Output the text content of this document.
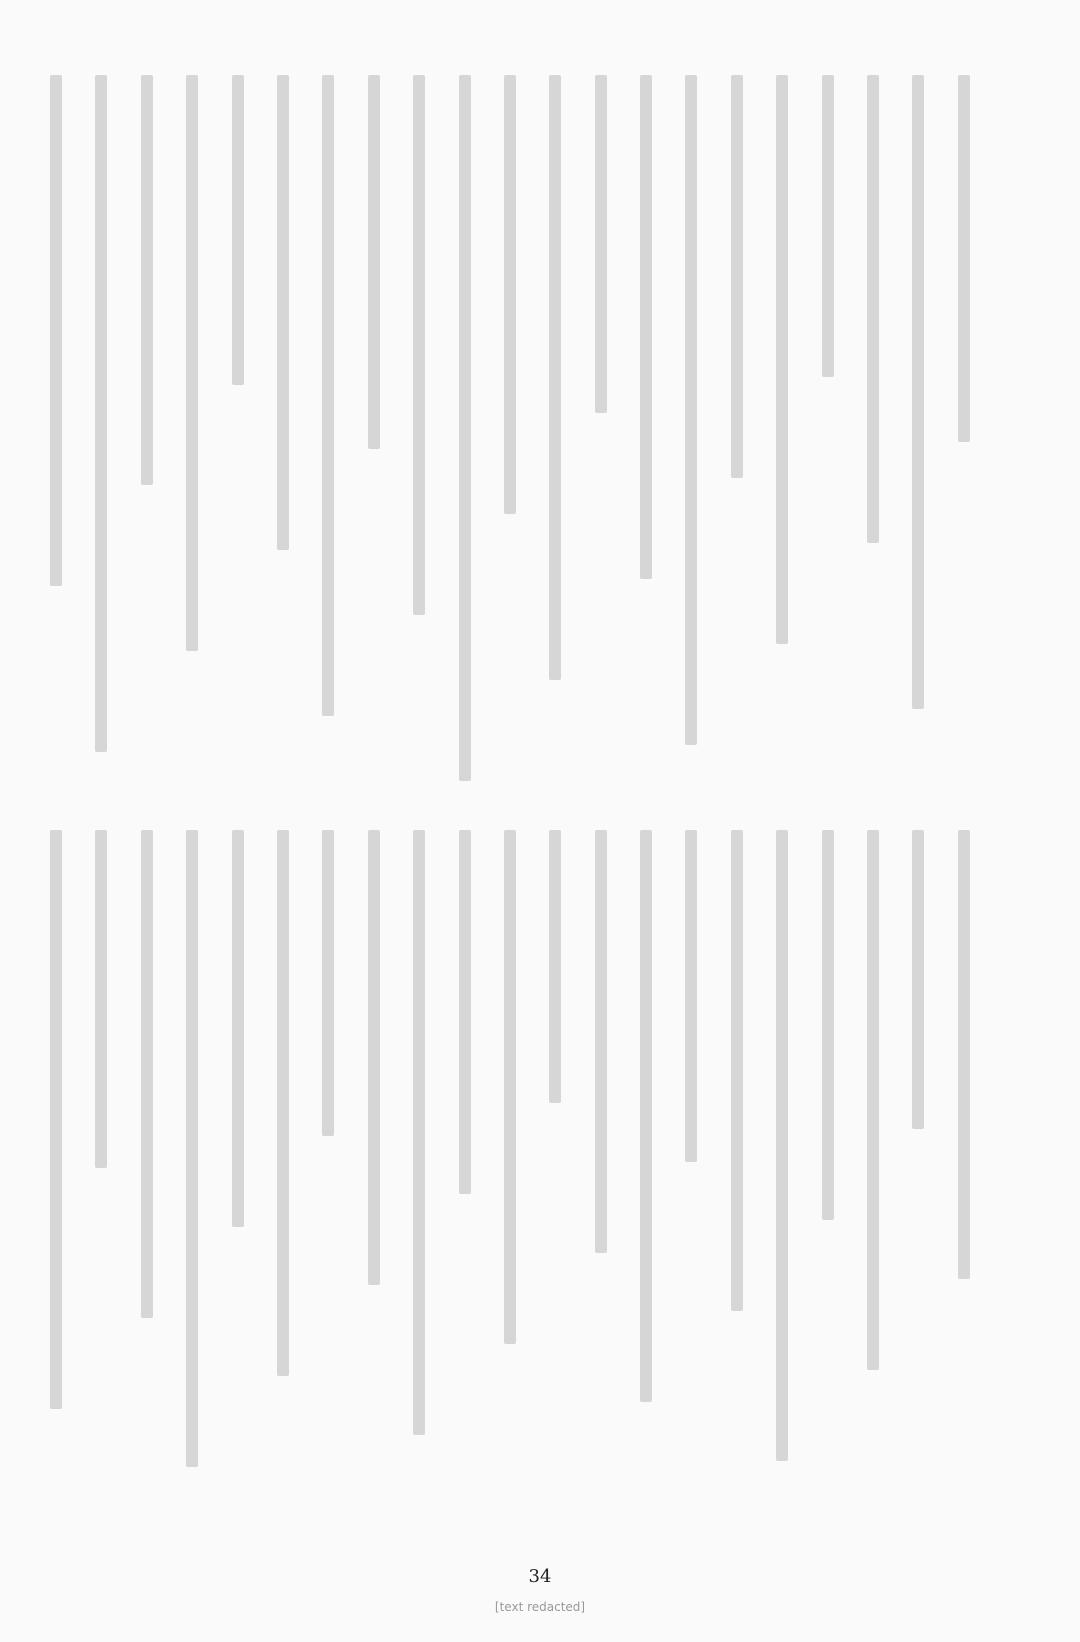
34
[text redacted]
